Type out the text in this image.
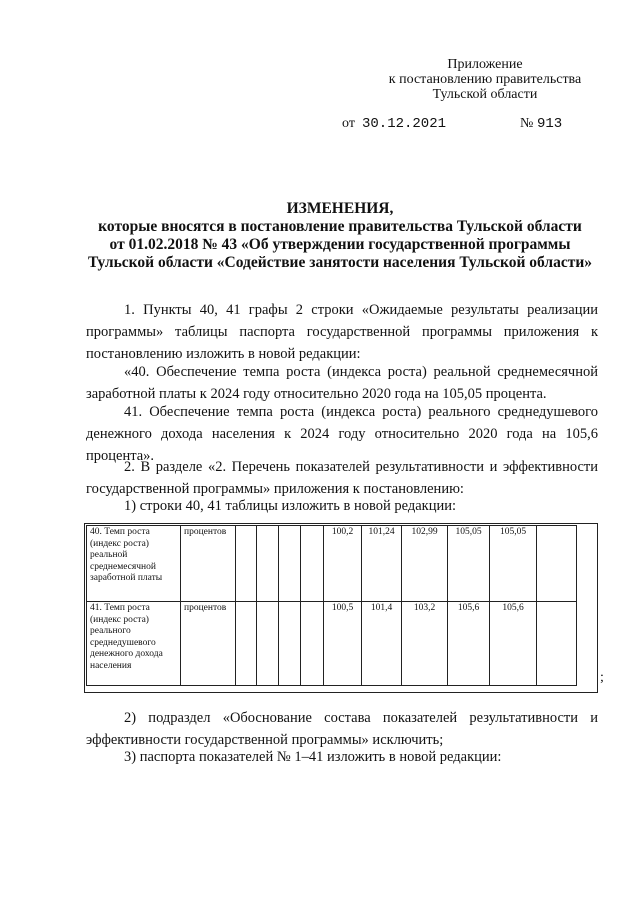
Приложение
к постановлению правительства
Тульской области
от 30.12.2021	№ 913
ИЗМЕНЕНИЯ,
которые вносятся в постановление правительства Тульской области
от 01.02.2018 № 43 «Об утверждении государственной программы
Тульской области «Содействие занятости населения Тульской области»
1. Пункты 40, 41 графы 2 строки «Ожидаемые результаты реализации программы» таблицы паспорта государственной программы приложения к постановлению изложить в новой редакции:
«40. Обеспечение темпа роста (индекса роста) реальной среднемесячной заработной платы к 2024 году относительно 2020 года на 105,05 процента.
41. Обеспечение темпа роста (индекса роста) реального среднедушевого денежного дохода населения к 2024 году относительно 2020 года на 105,6 процента».
2. В разделе «2. Перечень показателей результативности и эффективности государственной программы» приложения к постановлению:
1) строки 40, 41 таблицы изложить в новой редакции:
40. Темп роста (индекс роста) реальной среднемесячной заработной платы	процентов					100,2	101,24	102,99	105,05	105,05	
41. Темп роста (индекс роста) реального среднедушевого денежного дохода населения	процентов					100,5	101,4	103,2	105,6	105,6	
;
2) подраздел «Обоснование состава показателей результативности и эффективности государственной программы» исключить;
3) паспорта показателей № 1–41 изложить в новой редакции:
